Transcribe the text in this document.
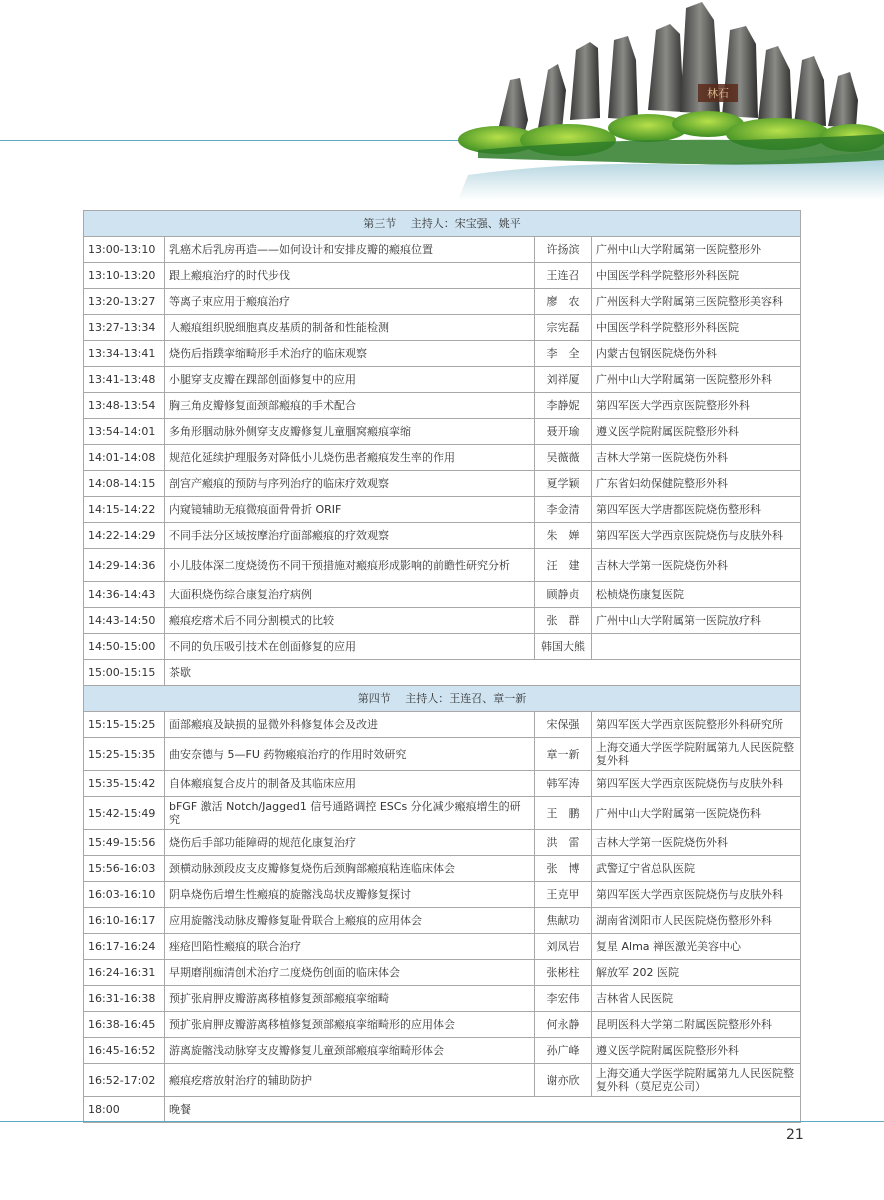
林石
第三节　 主持人：宋宝强、姚平			
13:00-13:10	乳癌术后乳房再造——如何设计和安排皮瓣的瘢痕位置	许扬滨	广州中山大学附属第一医院整形外
13:10-13:20	跟上瘢痕治疗的时代步伐	王连召	中国医学科学院整形外科医院
13:20-13:27	等离子束应用于瘢痕治疗	廖　农	广州医科大学附属第三医院整形美容科
13:27-13:34	人瘢痕组织脱细胞真皮基质的制备和性能检测	宗宪磊	中国医学科学院整形外科医院
13:34-13:41	烧伤后指蹼挛缩畸形手术治疗的临床观察	李　全	内蒙古包钢医院烧伤外科
13:41-13:48	小腿穿支皮瓣在踝部创面修复中的应用	刘祥厦	广州中山大学附属第一医院整形外科
13:48-13:54	胸三角皮瓣修复面颈部瘢痕的手术配合	李静妮	第四军医大学西京医院整形外科
13:54-14:01	多角形腘动脉外侧穿支皮瓣修复儿童腘窝瘢痕挛缩	聂开瑜	遵义医学院附属医院整形外科
14:01-14:08	规范化延续护理服务对降低小儿烧伤患者瘢痕发生率的作用	吴薇薇	吉林大学第一医院烧伤外科
14:08-14:15	剖宫产瘢痕的预防与序列治疗的临床疗效观察	夏学颖	广东省妇幼保健院整形外科
14:15-14:22	内窥镜辅助无痕微痕面骨骨折 ORIF	李金清	第四军医大学唐都医院烧伤整形科
14:22-14:29	不同手法分区域按摩治疗面部瘢痕的疗效观察	朱　婵	第四军医大学西京医院烧伤与皮肤外科
14:29-14:36	小儿肢体深二度烧烫伤不同干预措施对瘢痕形成影响的前瞻性研究分析	汪　建	吉林大学第一医院烧伤外科
14:36-14:43	大面积烧伤综合康复治疗病例	顾静贞	松桢烧伤康复医院
14:43-14:50	瘢痕疙瘩术后不同分割模式的比较	张　群	广州中山大学附属第一医院放疗科
14:50-15:00	不同的负压吸引技术在创面修复的应用	韩国大熊	
15:00-15:15	茶歇		
第四节　 主持人：王连召、章一新			
15:15-15:25	面部瘢痕及缺损的显微外科修复体会及改进	宋保强	第四军医大学西京医院整形外科研究所
15:25-15:35	曲安奈德与 5—FU 药物瘢痕治疗的作用时效研究	章一新	上海交通大学医学院附属第九人民医院整复外科
15:35-15:42	自体瘢痕复合皮片的制备及其临床应用	韩军涛	第四军医大学西京医院烧伤与皮肤外科
15:42-15:49	bFGF 激活 Notch/Jagged1 信号通路调控 ESCs 分化减少瘢痕增生的研究	王　鹏	广州中山大学附属第一医院烧伤科
15:49-15:56	烧伤后手部功能障碍的规范化康复治疗	洪　雷	吉林大学第一医院烧伤外科
15:56-16:03	颈横动脉颈段皮支皮瓣修复烧伤后颈胸部瘢痕粘连临床体会	张　博	武警辽宁省总队医院
16:03-16:10	阴阜烧伤后增生性瘢痕的旋髂浅岛状皮瓣修复探讨	王克甲	第四军医大学西京医院烧伤与皮肤外科
16:10-16:17	应用旋髂浅动脉皮瓣修复耻骨联合上瘢痕的应用体会	焦献功	湖南省浏阳市人民医院烧伤整形外科
16:17-16:24	痤疮凹陷性瘢痕的联合治疗	刘凤岩	复星 Alma 禅医激光美容中心
16:24-16:31	早期磨削痂清创术治疗二度烧伤创面的临床体会	张彬柱	解放军 202 医院
16:31-16:38	预扩张肩胛皮瓣游离移植修复颈部瘢痕挛缩畸	李宏伟	吉林省人民医院
16:38-16:45	预扩张肩胛皮瓣游离移植修复颈部瘢痕挛缩畸形的应用体会	何永静	昆明医科大学第二附属医院整形外科
16:45-16:52	游离旋髂浅动脉穿支皮瓣修复儿童颈部瘢痕挛缩畸形体会	孙广峰	遵义医学院附属医院整形外科
16:52-17:02	瘢痕疙瘩放射治疗的辅助防护	谢亦欣	上海交通大学医学院附属第九人民医院整复外科（莫尼克公司）
18:00	晚餐		
21
